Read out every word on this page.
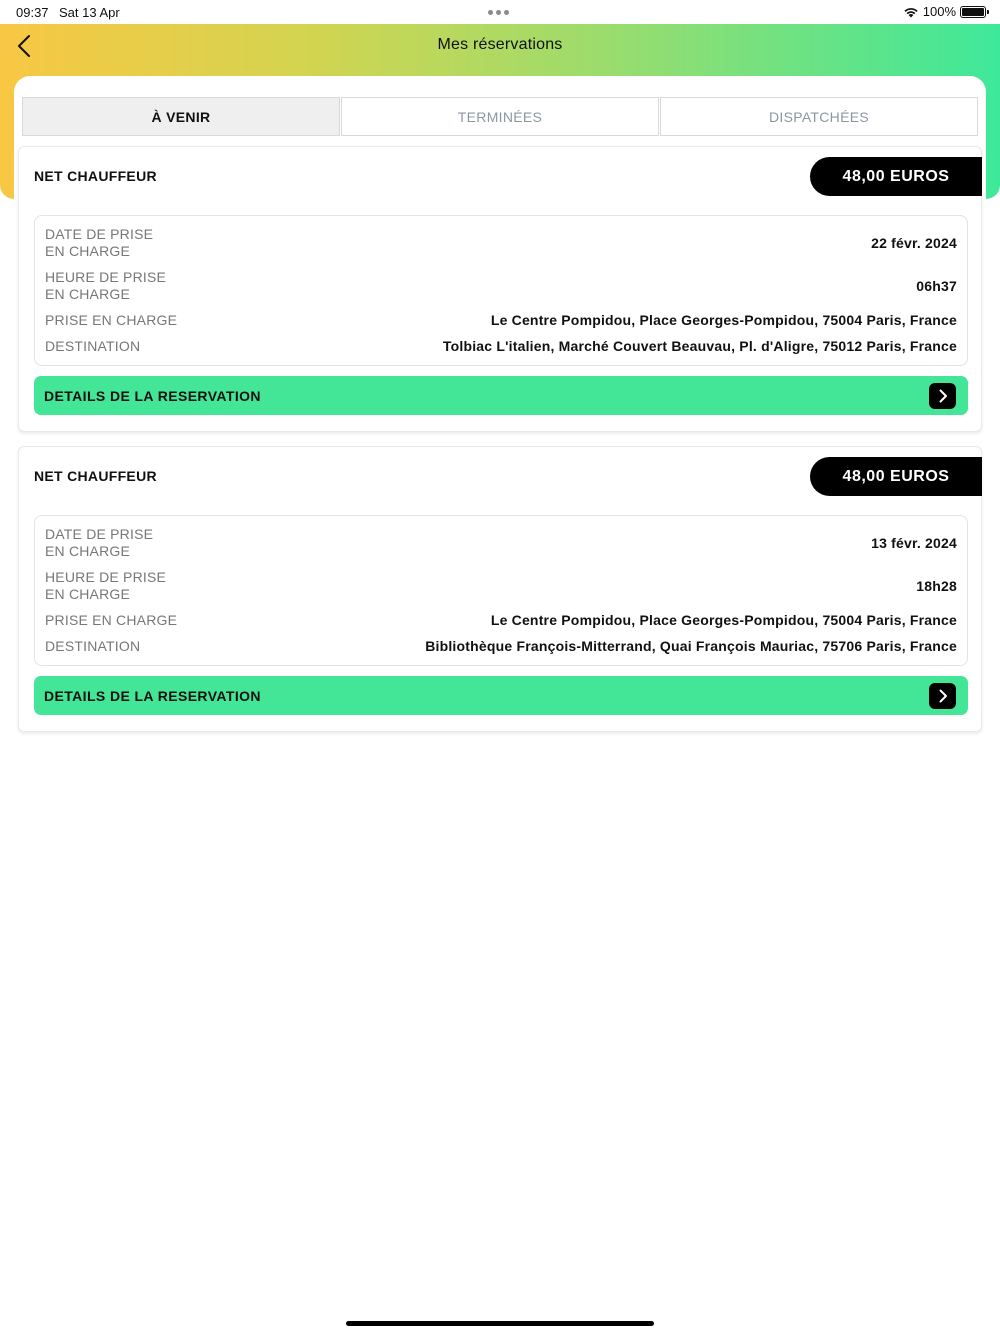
09:37 Sat 13 Apr	100%
Mes réservations
À VENIR	TERMINÉES	DISPATCHÉES
NET CHAUFFEUR	48,00 EUROS
DATE DE PRISE
EN CHARGE	22 févr. 2024
HEURE DE PRISE
EN CHARGE	06h37
PRISE EN CHARGE	Le Centre Pompidou, Place Georges-Pompidou, 75004 Paris, France
DESTINATION	Tolbiac L'italien, Marché Couvert Beauvau, Pl. d'Aligre, 75012 Paris, France
DETAILS DE LA RESERVATION
NET CHAUFFEUR	48,00 EUROS
DATE DE PRISE
EN CHARGE	13 févr. 2024
HEURE DE PRISE
EN CHARGE	18h28
PRISE EN CHARGE	Le Centre Pompidou, Place Georges-Pompidou, 75004 Paris, France
DESTINATION	Bibliothèque François-Mitterrand, Quai François Mauriac, 75706 Paris, France
DETAILS DE LA RESERVATION
